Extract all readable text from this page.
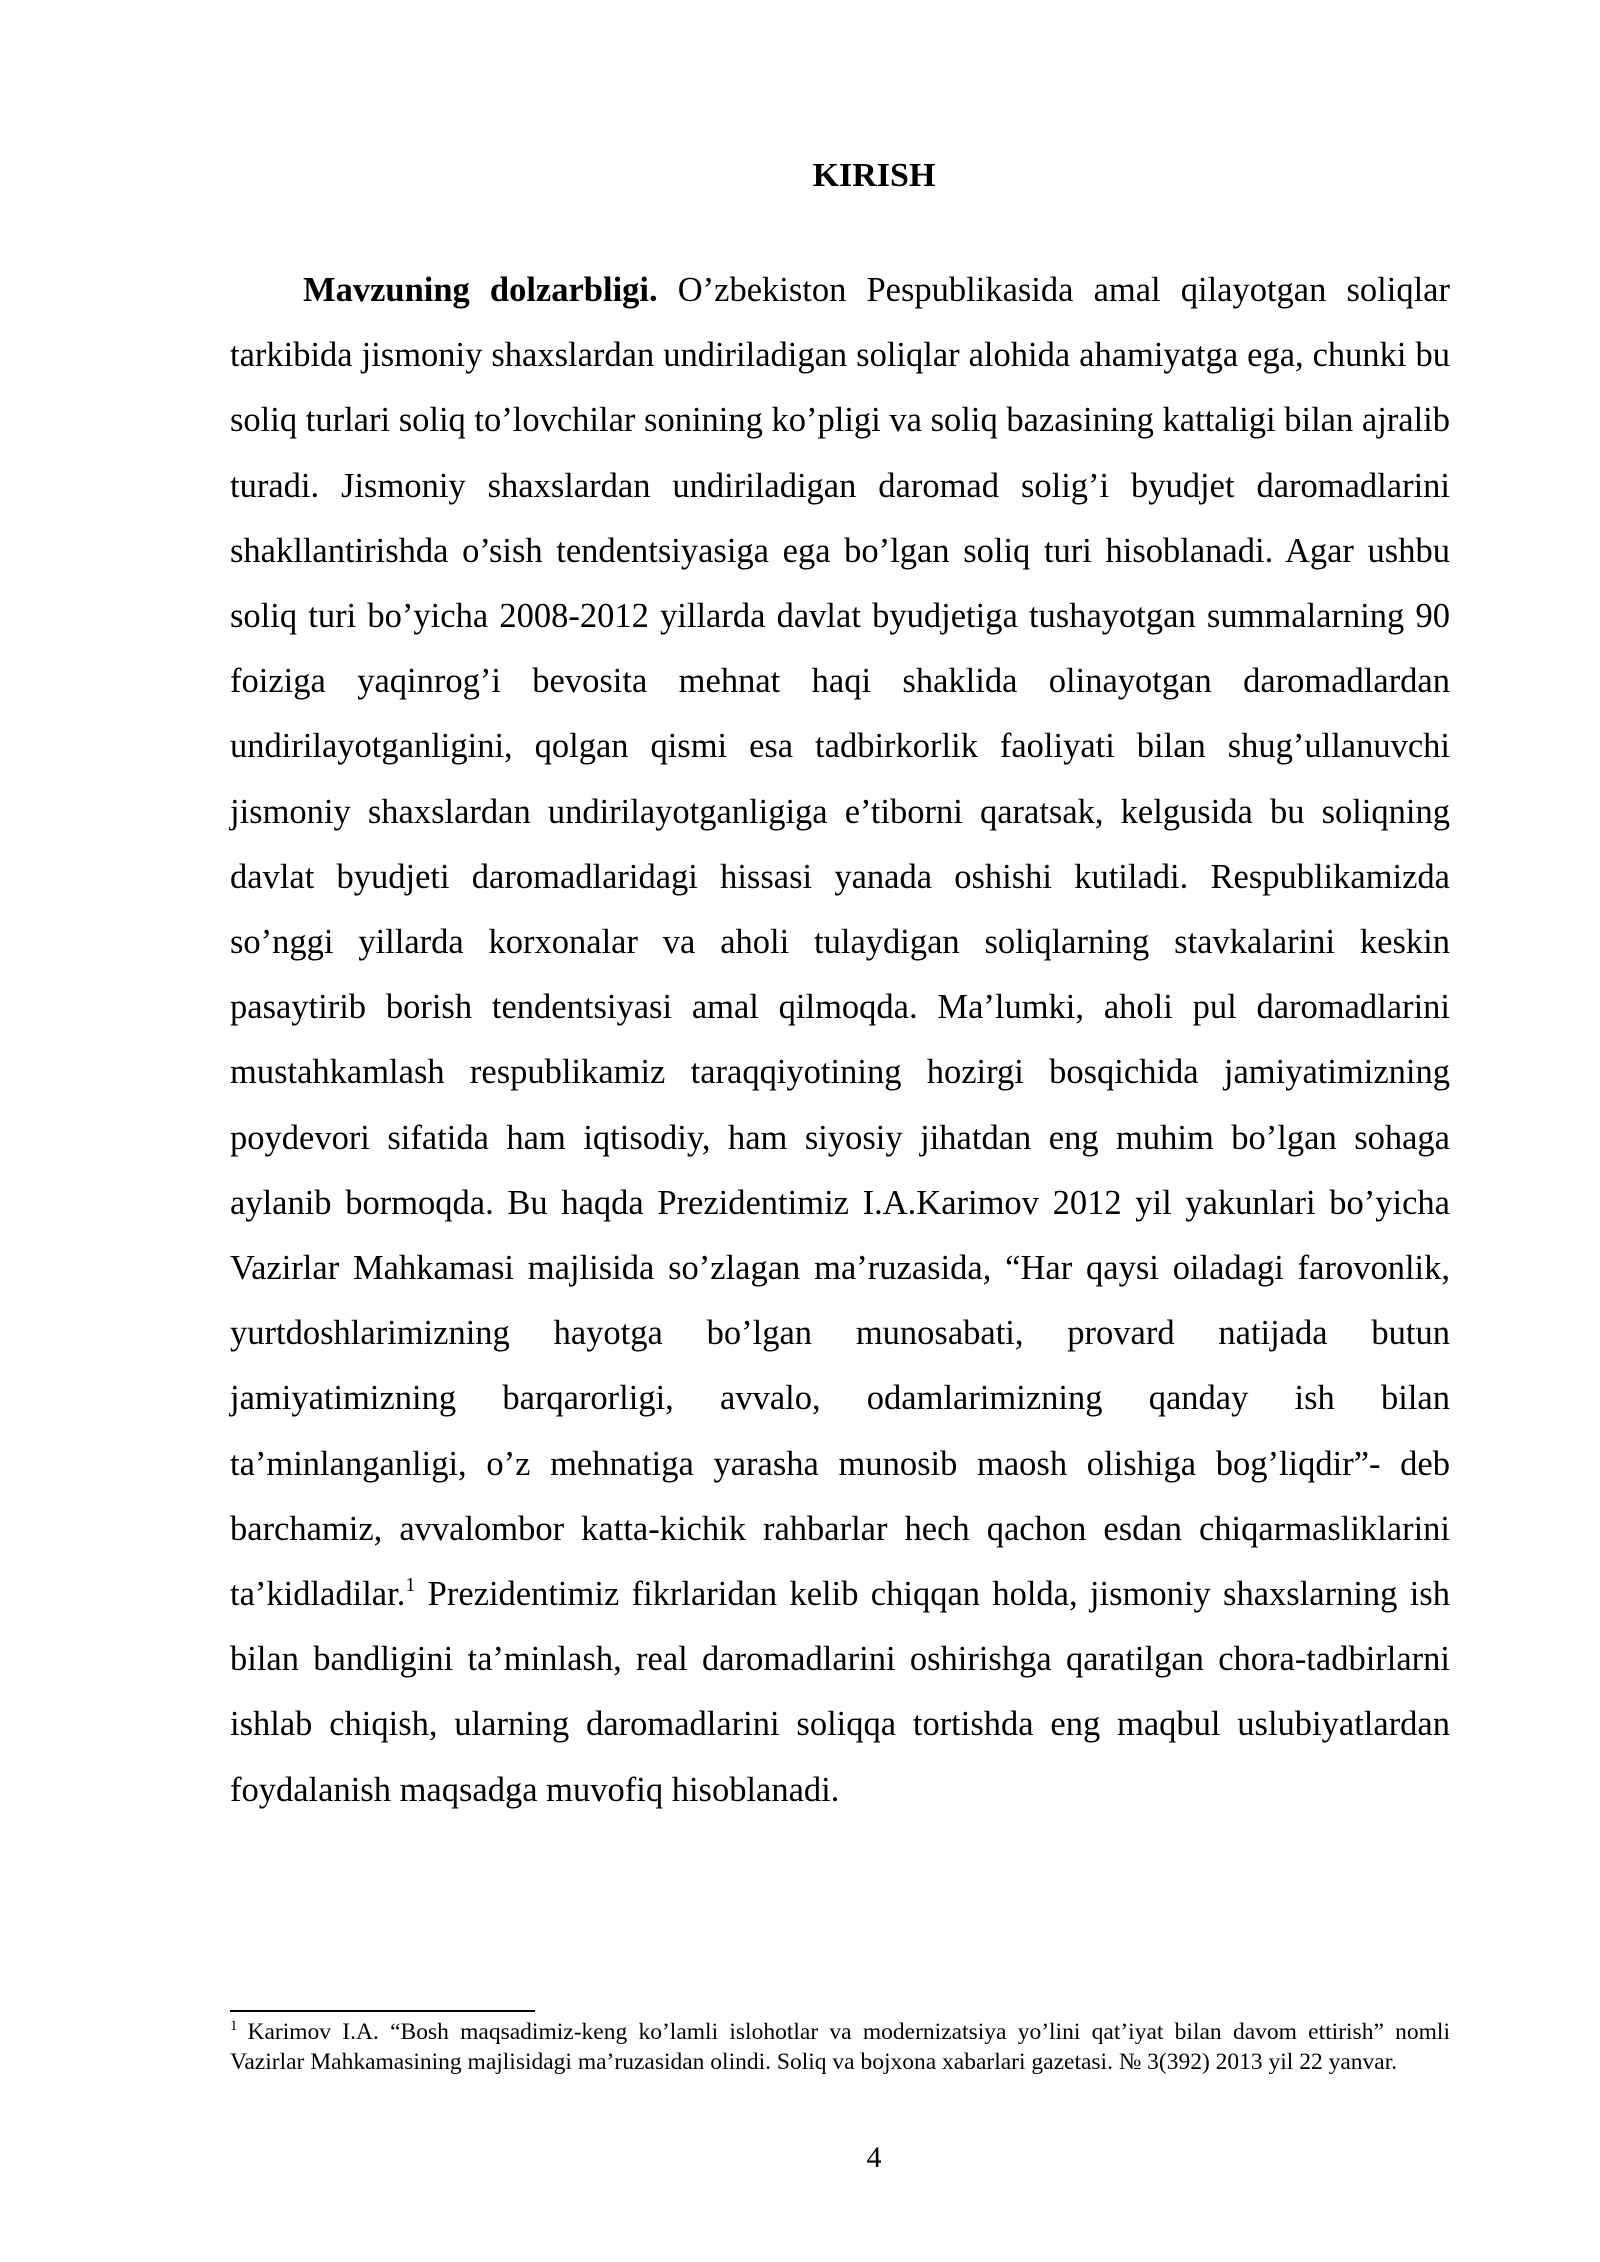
KIRISH

Mavzuning dolzarbligi. O’zbekiston Pespublikasida amal qilayotgan soliqlar tarkibida jismoniy shaxslardan undiriladigan soliqlar alohida ahamiyatga ega, chunki bu soliq turlari soliq to’lovchilar sonining ko’pligi va soliq bazasining kattaligi bilan ajralib turadi. Jismoniy shaxslardan undiriladigan daromad solig’i byudjet daromadlarini shakllantirishda o’sish tendentsiyasiga ega bo’lgan soliq turi hisoblanadi. Agar ushbu soliq turi bo’yicha 2008-2012 yillarda davlat byudjetiga tushayotgan summalarning 90 foiziga yaqinrog’i bevosita mehnat haqi shaklida olinayotgan daromadlardan undirilayotganligini, qolgan qismi esa tadbirkorlik faoliyati bilan shug’ullanuvchi jismoniy shaxslardan undirilayotganligiga e’tiborni qaratsak, kelgusida bu soliqning davlat byudjeti daromadlaridagi hissasi yanada oshishi kutiladi. Respublikamizda so’nggi yillarda korxonalar va aholi tulaydigan soliqlarning stavkalarini keskin pasaytirib borish tendentsiyasi amal qilmoqda. Ma’lumki, aholi pul daromadlarini mustahkamlash respublikamiz taraqqiyotining hozirgi bosqichida jamiyatimizning poydevori sifatida ham iqtisodiy, ham siyosiy jihatdan eng muhim bo’lgan sohaga aylanib bormoqda. Bu haqda Prezidentimiz I.A.Karimov 2012 yil yakunlari bo’yicha Vazirlar Mahkamasi majlisida so’zlagan ma’ruzasida, “Har qaysi oiladagi farovonlik, yurtdoshlarimizning hayotga bo’lgan munosabati, provard natijada butun jamiyatimizning barqarorligi, avvalo, odamlarimizning qanday ish bilan ta’minlanganligi, o’z mehnatiga yarasha munosib maosh olishiga bog’liqdir”- deb barchamiz, avvalombor katta-kichik rahbarlar hech qachon esdan chiqarmasliklarini ta’kidladilar.$^1$ Prezidentimiz fikrlaridan kelib chiqqan holda, jismoniy shaxslarning ish bilan bandligini ta’minlash, real daromadlarini oshirishga qaratilgan chora-tadbirlarni ishlab chiqish, ularning daromadlarini soliqqa tortishda eng maqbul uslubiyatlardan foydalanish maqsadga muvofiq hisoblanadi.

$^1$ Karimov I.A. “Bosh maqsadimiz-keng ko’lamli islohotlar va modernizatsiya yo’lini qat’iyat bilan davom ettirish” nomli Vazirlar Mahkamasining majlisidagi ma’ruzasidan olindi. Soliq va bojxona xabarlari gazetasi. № 3(392) 2013 yil 22 yanvar.

4
